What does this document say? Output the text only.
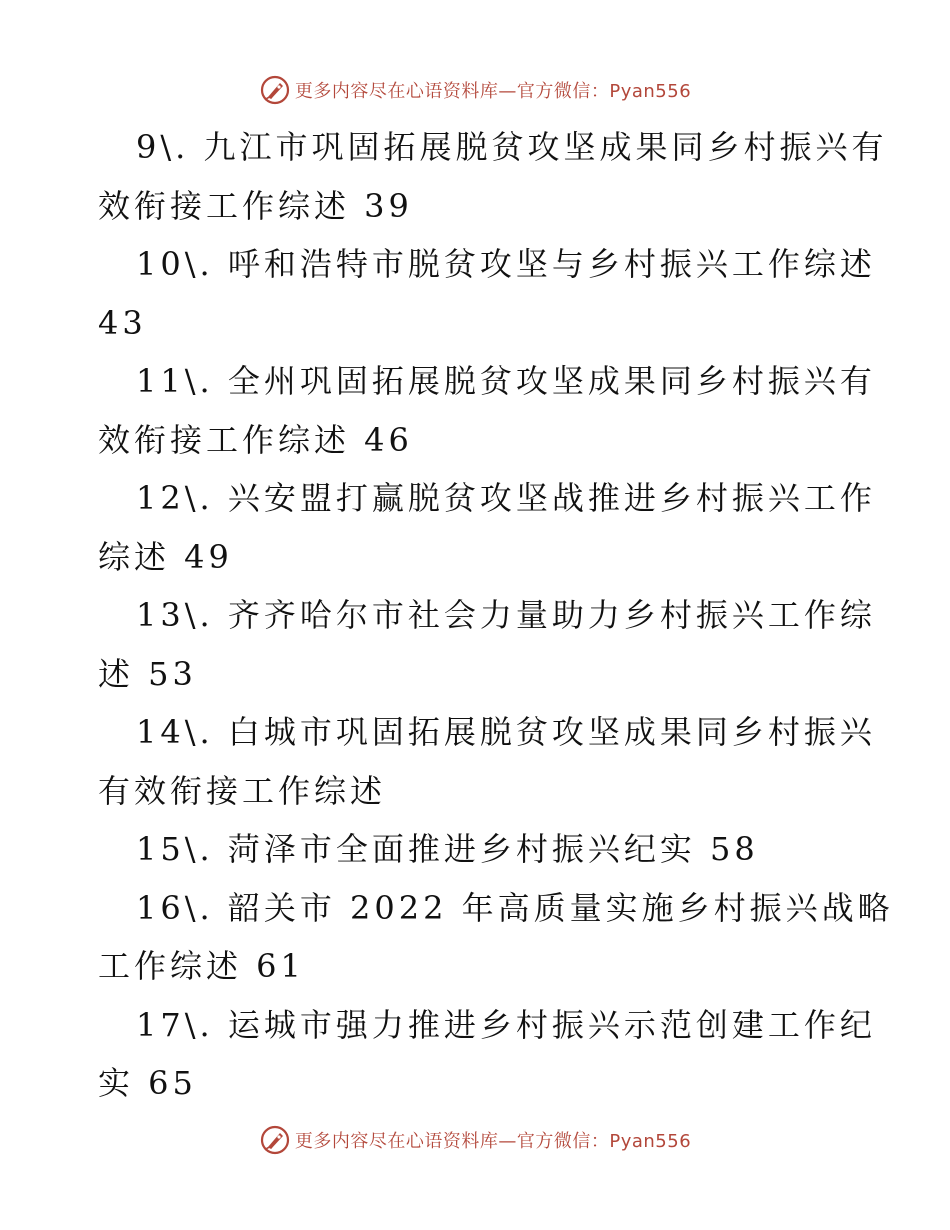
更多内容尽在心语资料库—官方微信：Pyan556
9\. 九江市巩固拓展脱贫攻坚成果同乡村振兴有
效衔接工作综述 39
10\. 呼和浩特市脱贫攻坚与乡村振兴工作综述
43
11\. 全州巩固拓展脱贫攻坚成果同乡村振兴有
效衔接工作综述 46
12\. 兴安盟打赢脱贫攻坚战推进乡村振兴工作
综述 49
13\. 齐齐哈尔市社会力量助力乡村振兴工作综
述 53
14\. 白城市巩固拓展脱贫攻坚成果同乡村振兴
有效衔接工作综述
15\. 菏泽市全面推进乡村振兴纪实 58
16\. 韶关市 2022 年高质量实施乡村振兴战略
工作综述 61
17\. 运城市强力推进乡村振兴示范创建工作纪
实 65
更多内容尽在心语资料库—官方微信：Pyan556
